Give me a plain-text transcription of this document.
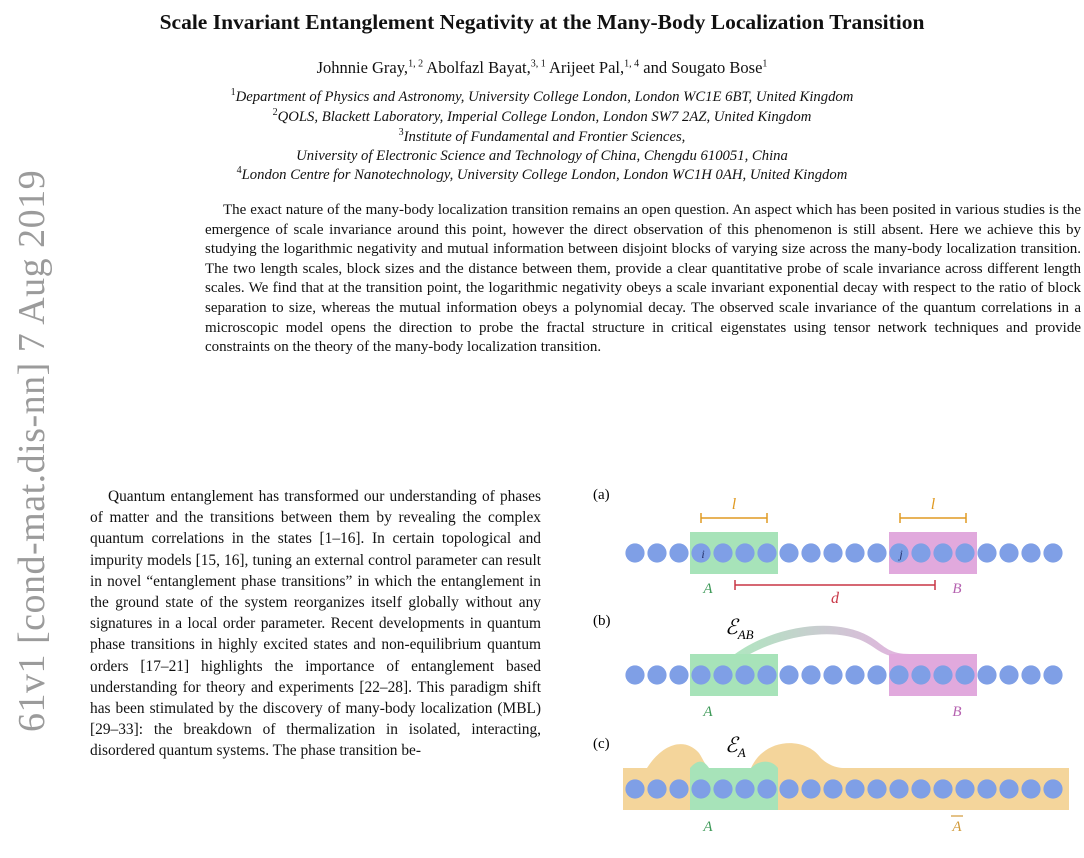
61v1 [cond-mat.dis-nn] 7 Aug 2019
Scale Invariant Entanglement Negativity at the Many-Body Localization Transition
Johnnie Gray,$^{1, 2}$ Abolfazl Bayat,$^{3, 1}$ Arijeet Pal,$^{1, 4}$ and Sougato Bose$^1$
$^1$Department of Physics and Astronomy, University College London, London WC1E 6BT, United Kingdom
$^2$QOLS, Blackett Laboratory, Imperial College London, London SW7 2AZ, United Kingdom
$^3$Institute of Fundamental and Frontier Sciences,
University of Electronic Science and Technology of China, Chengdu 610051, China
$^4$London Centre for Nanotechnology, University College London, London WC1H 0AH, United Kingdom

The exact nature of the many-body localization transition remains an open question. An aspect which has been posited in various studies is the emergence of scale invariance around this point, however the direct observation of this phenomenon is still absent. Here we achieve this by studying the logarithmic negativity and mutual information between disjoint blocks of varying size across the many-body localization transition. The two length scales, block sizes and the distance between them, provide a clear quantitative probe of scale invariance across different length scales. We find that at the transition point, the logarithmic negativity obeys a scale invariant exponential decay with respect to the ratio of block separation to size, whereas the mutual information obeys a polynomial decay. The observed scale invariance of the quantum correlations in a microscopic model opens the direction to probe the fractal structure in critical eigenstates using tensor network techniques and provide constraints on the theory of the many-body localization transition.

Quantum entanglement has transformed our understanding of phases of matter and the transitions between them by revealing the complex quantum correlations in the states [1–16]. In certain topological and impurity models [15, 16], tuning an external control parameter can result in novel “entanglement phase transitions” in which the entanglement in the ground state of the system reorganizes itself globally without any signatures in a local order parameter. Recent developments in quantum phase transitions in highly excited states and non-equilibrium quantum orders [17–21] highlights the importance of entanglement based understanding for theory and experiments [22–28]. This paradigm shift has been stimulated by the discovery of many-body localization (MBL) [29–33]: the breakdown of thermalization in isolated, interacting, disordered quantum systems. The phase transition be-

(a)
l	l
i	j
A	B
d
(b)	ℰ$_{AB}$
A	B
(c)	ℰ$_A$
A	A
